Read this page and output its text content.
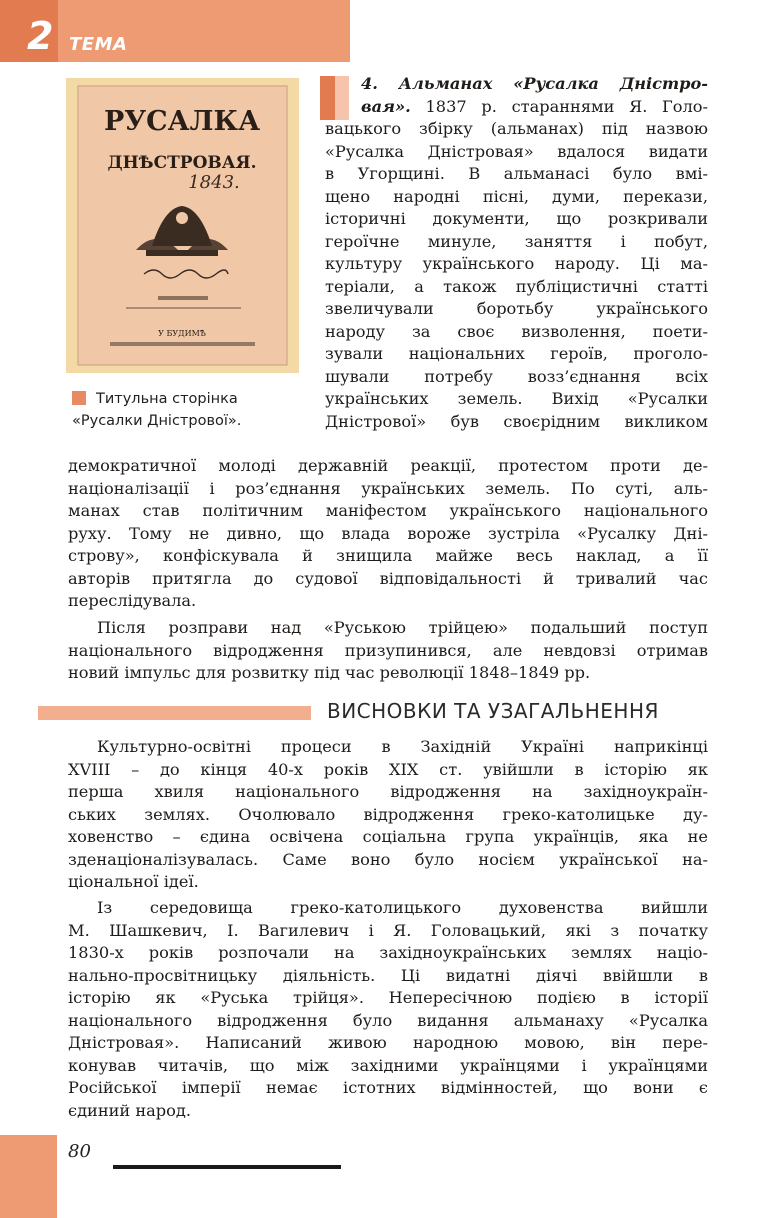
2 ТЕМА
РУСАЛКА
ДНѢСТРОВАЯ.
1843.
У БУДИМѢ
Титульна сторінка
«Русалки Дністрової».
4. Альманах «Русалка Дністро-
вая». 1837 р. стараннями Я. Голо-
вацького збірку (альманах) під назвою
«Русалка Дністровая» вдалося видати
в Угорщині. В альманасі було вмі-
щено народні пісні, думи, перекази,
історичні документи, що розкривали
героїчне минуле, заняття і побут,
культуру українського народу. Ці ма-
теріали, а також публіцистичні статті
звеличували боротьбу українського
народу за своє визволення, поети-
зували національних героїв, проголо-
шували потребу возз’єднання всіх
українських земель. Вихід «Русалки
Дністрової» був своєрідним викликом
демократичної молоді державній реакції, протестом проти де-
націоналізації і роз’єднання українських земель. По суті, аль-
манах став політичним маніфестом українського національного
руху. Тому не дивно, що влада вороже зустріла «Русалку Дні-
строву», конфіскувала й знищила майже весь наклад, а її
авторів притягла до судової відповідальності й тривалий час
переслідувала.
Після розправи над «Руською трійцею» подальший поступ
національного відродження призупинився, але невдовзі отримав
новий імпульс для розвитку під час революції 1848–1849 рр.
ВИСНОВКИ ТА УЗАГАЛЬНЕННЯ
Культурно-освітні процеси в Західній Україні наприкінці
XVIII – до кінця 40-х років XIX ст. увійшли в історію як
перша хвиля національного відродження на західноукраїн-
ських землях. Очолювало відродження греко-католицьке ду-
ховенство – єдина освічена соціальна група українців, яка не
зденаціоналізувалась. Саме воно було носієм української на-
ціональної ідеї.
Із середовища греко-католицького духовенства вийшли
М. Шашкевич, І. Вагилевич і Я. Головацький, які з початку
1830-х років розпочали на західноукраїнських землях націо-
нально-просвітницьку діяльність. Ці видатні діячі ввійшли в
історію як «Руська трійця». Непересічною подією в історії
національного відродження було видання альманаху «Русалка
Дністровая». Написаний живою народною мовою, він пере-
конував читачів, що між західними українцями і українцями
Російської імперії немає істотних відмінностей, що вони є
єдиний народ.
80
